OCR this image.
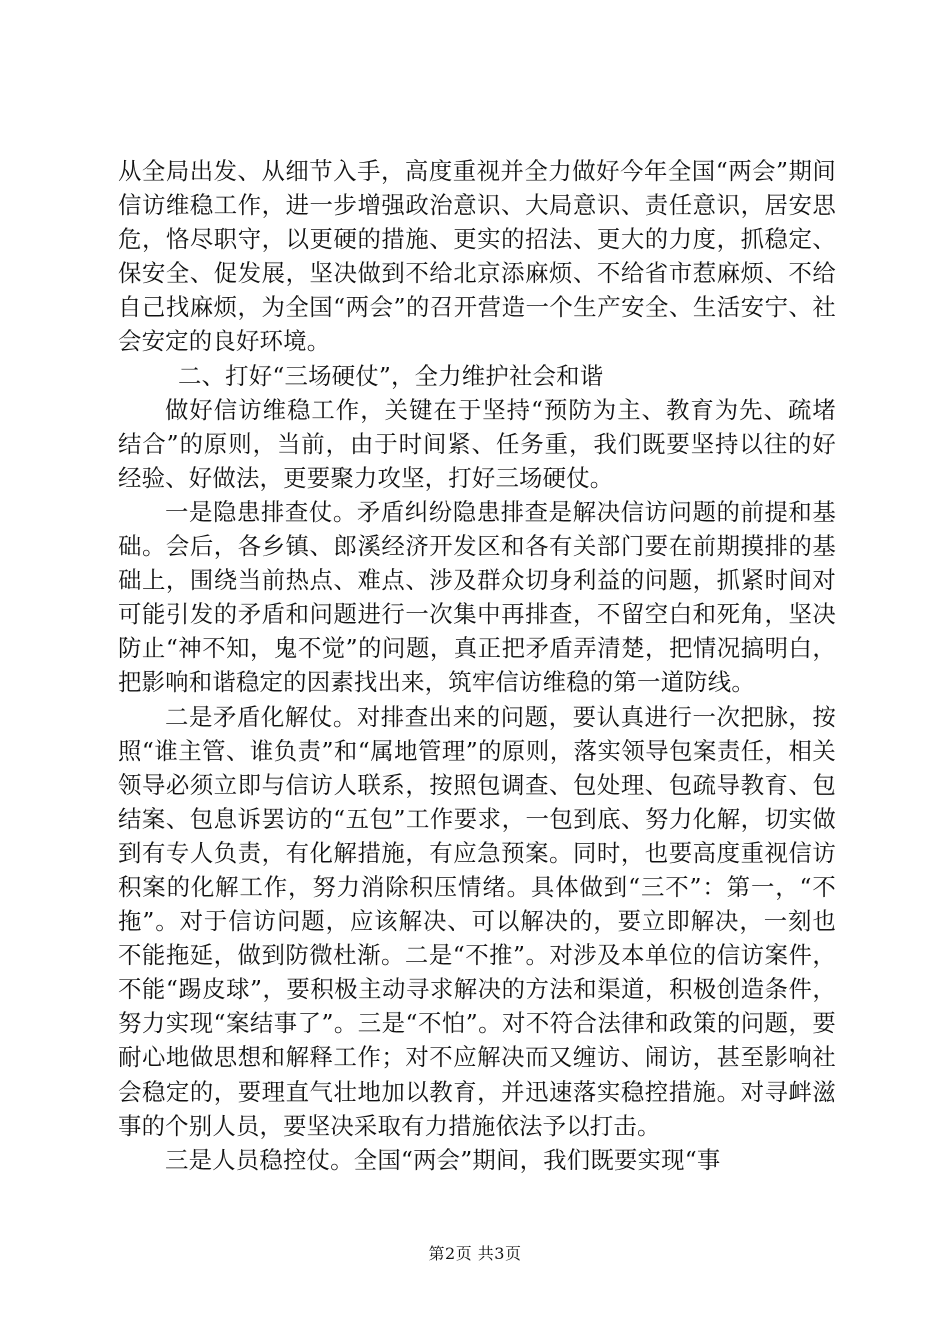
从全局出发、从细节入手，高度重视并全力做好今年全国“两会”期间信访维稳工作，进一步增强政治意识、大局意识、责任意识，居安思危，恪尽职守，以更硬的措施、更实的招法、更大的力度，抓稳定、保安全、促发展，坚决做到不给北京添麻烦、不给省市惹麻烦、不给自己找麻烦，为全国“两会”的召开营造一个生产安全、生活安宁、社会安定的良好环境。

二、打好“三场硬仗”，全力维护社会和谐

做好信访维稳工作，关键在于坚持“预防为主、教育为先、疏堵结合”的原则，当前，由于时间紧、任务重，我们既要坚持以往的好经验、好做法，更要聚力攻坚，打好三场硬仗。

一是隐患排查仗。矛盾纠纷隐患排查是解决信访问题的前提和基础。会后，各乡镇、郎溪经济开发区和各有关部门要在前期摸排的基础上，围绕当前热点、难点、涉及群众切身利益的问题，抓紧时间对可能引发的矛盾和问题进行一次集中再排查，不留空白和死角，坚决防止“神不知，鬼不觉”的问题，真正把矛盾弄清楚，把情况搞明白，把影响和谐稳定的因素找出来，筑牢信访维稳的第一道防线。

二是矛盾化解仗。对排查出来的问题，要认真进行一次把脉，按照“谁主管、谁负责”和“属地管理”的原则，落实领导包案责任，相关领导必须立即与信访人联系，按照包调查、包处理、包疏导教育、包结案、包息诉罢访的“五包”工作要求，一包到底、努力化解，切实做到有专人负责，有化解措施，有应急预案。同时，也要高度重视信访积案的化解工作，努力消除积压情绪。具体做到“三不”：第一，“不拖”。对于信访问题，应该解决、可以解决的，要立即解决，一刻也不能拖延，做到防微杜渐。二是“不推”。对涉及本单位的信访案件，不能“踢皮球”，要积极主动寻求解决的方法和渠道，积极创造条件，努力实现“案结事了”。三是“不怕”。对不符合法律和政策的问题，要耐心地做思想和解释工作；对不应解决而又缠访、闹访，甚至影响社会稳定的，要理直气壮地加以教育，并迅速落实稳控措施。对寻衅滋事的个别人员，要坚决采取有力措施依法予以打击。

三是人员稳控仗。全国“两会”期间，我们既要实现“事

第2页 共3页
